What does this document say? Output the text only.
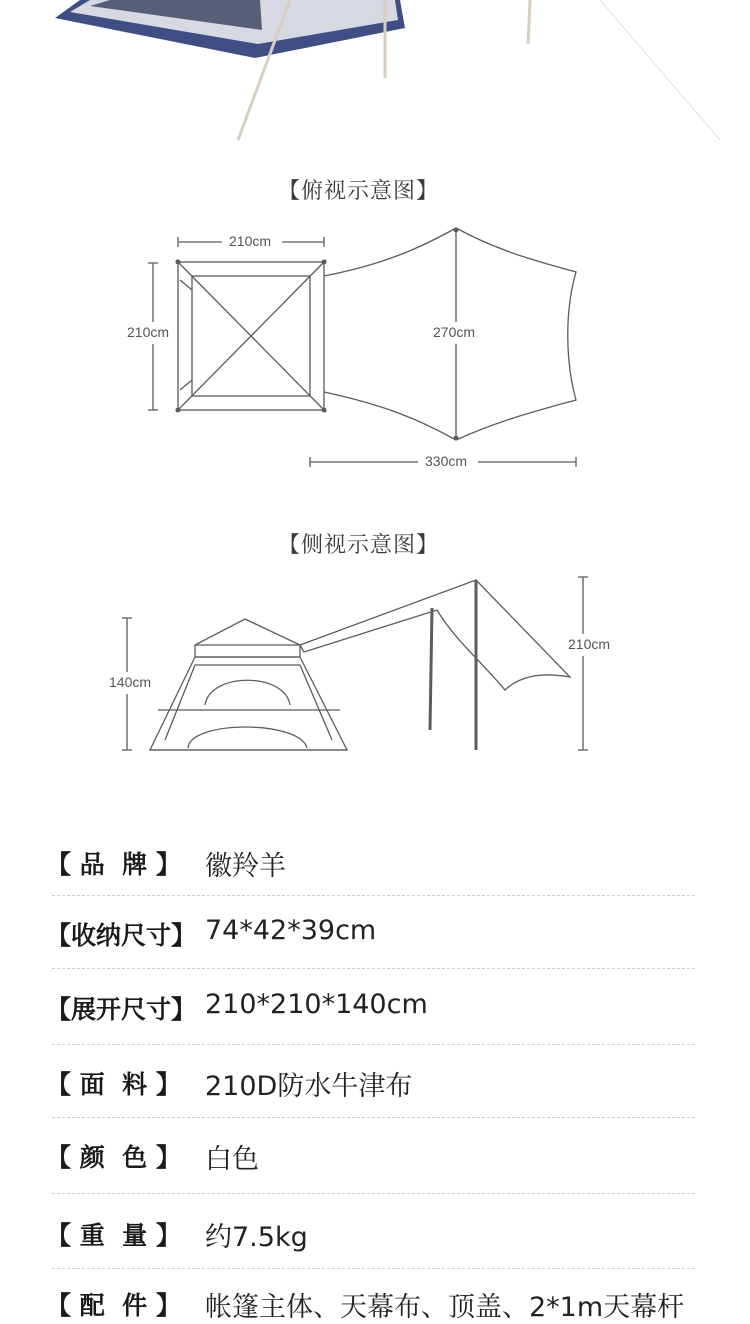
【俯视示意图】
210cm
210cm	270cm
330cm
【侧视示意图】
140cm
210cm
【 品  牌 】 徽羚羊
【收纳尺寸】 74*42*39cm
【展开尺寸】 210*210*140cm
【 面  料 】 210D防水牛津布
【 颜  色 】 白色
【 重  量 】 约7.5kg
【 配  件 】 帐篷主体、天幕布、顶盖、2*1m天幕杆
